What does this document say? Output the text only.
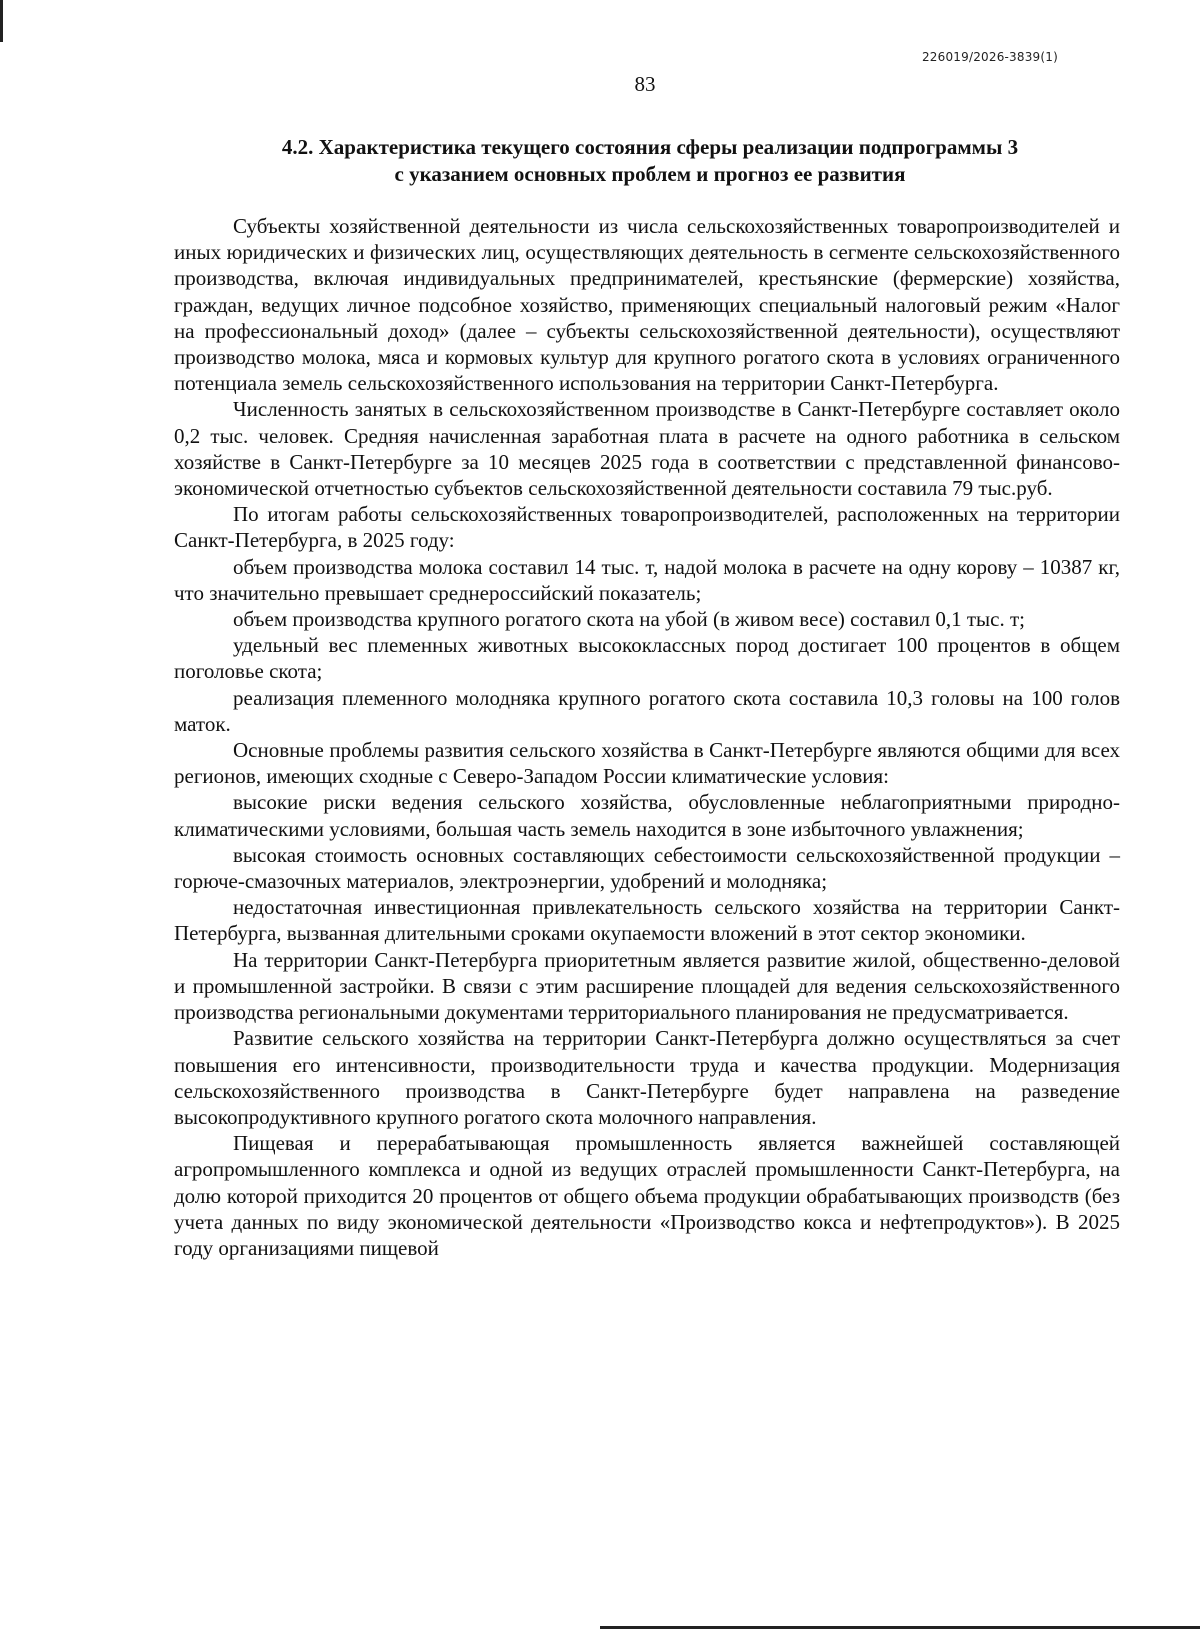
226019/2026-3839(1)
83
4.2. Характеристика текущего состояния сферы реализации подпрограммы 3
с указанием основных проблем и прогноз ее развития

Субъекты хозяйственной деятельности из числа сельскохозяйственных товаропроизводителей и иных юридических и физических лиц, осуществляющих деятельность в сегменте сельскохозяйственного производства, включая индивидуальных предпринимателей, крестьянские (фермерские) хозяйства, граждан, ведущих личное подсобное хозяйство, применяющих специальный налоговый режим «Налог на профессиональный доход» (далее – субъекты сельскохозяйственной деятельности), осуществляют производство молока, мяса и кормовых культур для крупного рогатого скота в условиях ограниченного потенциала земель сельскохозяйственного использования на территории Санкт-Петербурга.

Численность занятых в сельскохозяйственном производстве в Санкт-Петербурге составляет около 0,2 тыс. человек. Средняя начисленная заработная плата в расчете на одного работника в сельском хозяйстве в Санкт-Петербурге за 10 месяцев 2025 года в соответствии с представленной финансово-экономической отчетностью субъектов сельскохозяйственной деятельности составила 79 тыс.руб.

По итогам работы сельскохозяйственных товаропроизводителей, расположенных на территории Санкт-Петербурга, в 2025 году:

объем производства молока составил 14 тыс. т, надой молока в расчете на одну корову – 10387 кг, что значительно превышает среднероссийский показатель;

объем производства крупного рогатого скота на убой (в живом весе) составил 0,1 тыс. т;

удельный вес племенных животных высококлассных пород достигает 100 процентов в общем поголовье скота;

реализация племенного молодняка крупного рогатого скота составила 10,3 головы на 100 голов маток.

Основные проблемы развития сельского хозяйства в Санкт-Петербурге являются общими для всех регионов, имеющих сходные с Северо-Западом России климатические условия:

высокие риски ведения сельского хозяйства, обусловленные неблагоприятными природно-климатическими условиями, большая часть земель находится в зоне избыточного увлажнения;

высокая стоимость основных составляющих себестоимости сельскохозяйственной продукции – горюче-смазочных материалов, электроэнергии, удобрений и молодняка;

недостаточная инвестиционная привлекательность сельского хозяйства на территории Санкт-Петербурга, вызванная длительными сроками окупаемости вложений в этот сектор экономики.

На территории Санкт-Петербурга приоритетным является развитие жилой, общественно-деловой и промышленной застройки. В связи с этим расширение площадей для ведения сельскохозяйственного производства региональными документами территориального планирования не предусматривается.

Развитие сельского хозяйства на территории Санкт-Петербурга должно осуществляться за счет повышения его интенсивности, производительности труда и качества продукции. Модернизация сельскохозяйственного производства в Санкт-Петербурге будет направлена на разведение высокопродуктивного крупного рогатого скота молочного направления.

Пищевая и перерабатывающая промышленность является важнейшей составляющей агропромышленного комплекса и одной из ведущих отраслей промышленности Санкт-Петербурга, на долю которой приходится 20 процентов от общего объема продукции обрабатывающих производств (без учета данных по виду экономической деятельности «Производство кокса и нефтепродуктов»). В 2025 году организациями пищевой
